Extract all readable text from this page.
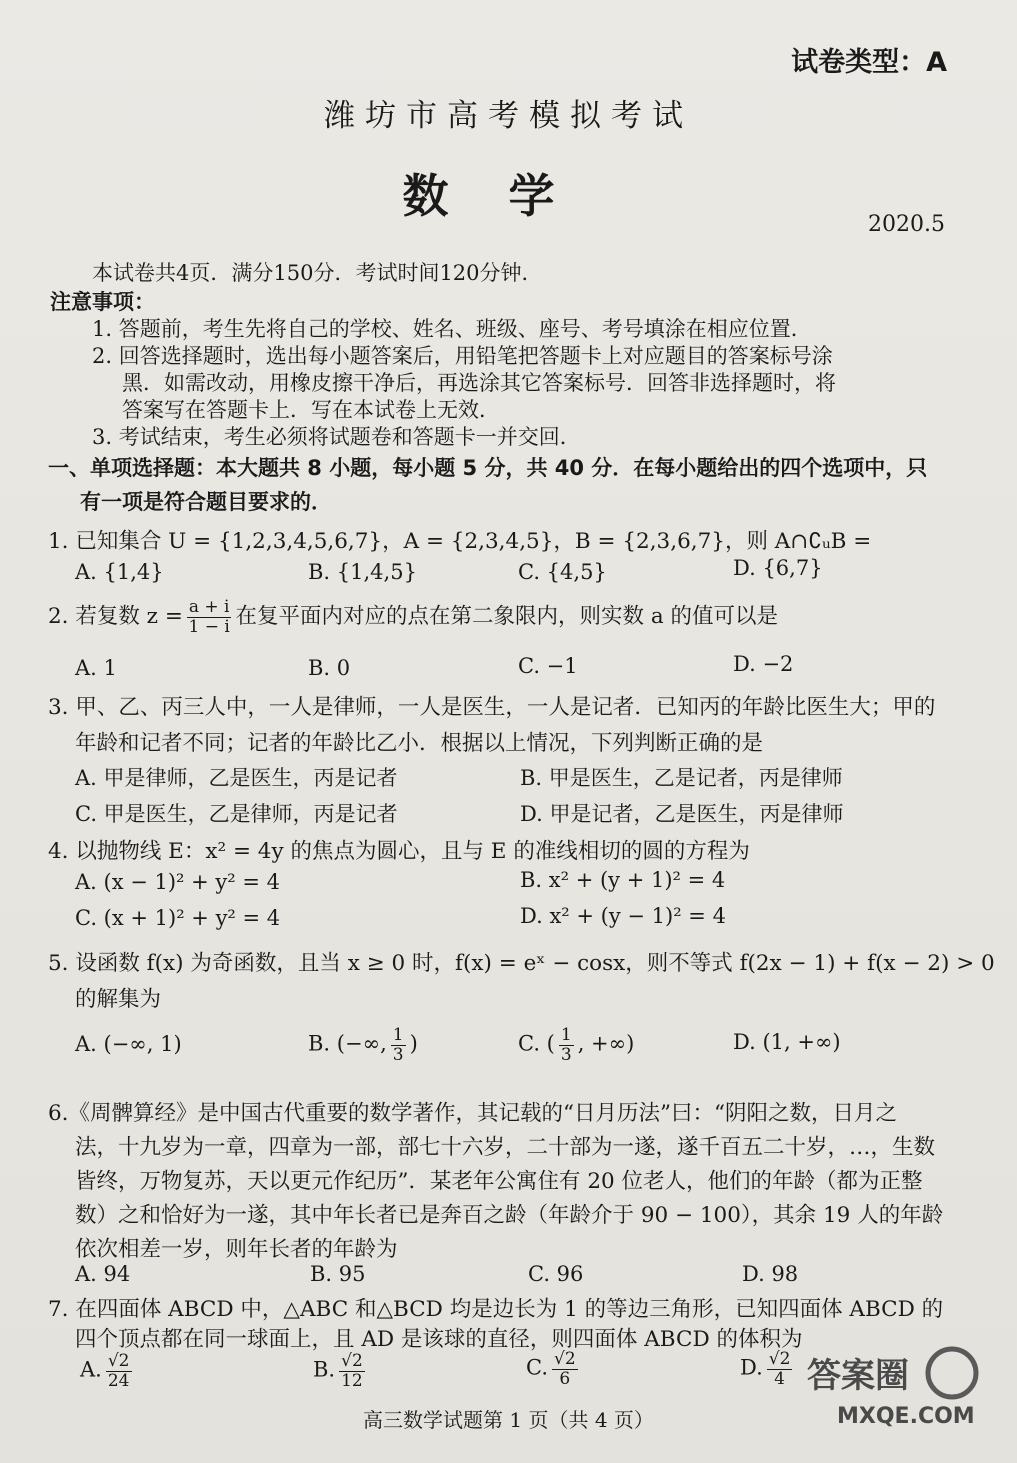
试卷类型：A
潍坊市高考模拟考试
数学
2020.5
本试卷共4页．满分150分．考试时间120分钟．
注意事项：
1. 答题前，考生先将自己的学校、姓名、班级、座号、考号填涂在相应位置．
2. 回答选择题时，选出每小题答案后，用铅笔把答题卡上对应题目的答案标号涂
黑．如需改动，用橡皮擦干净后，再选涂其它答案标号．回答非选择题时，将
答案写在答题卡上．写在本试卷上无效．
3. 考试结束，考生必须将试题卷和答题卡一并交回．
一、单项选择题：本大题共 8 小题，每小题 5 分，共 40 分．在每小题给出的四个选项中，只
有一项是符合题目要求的．
1. 已知集合 U = {1,2,3,4,5,6,7}，A = {2,3,4,5}，B = {2,3,6,7}，则 A∩∁ᵤB =
A. {1,4}	B. {1,4,5}	C. {4,5}	D. {6,7}
2. 若复数 $z = \frac{a + i}{1 - i}$ 在复平面内对应的点在第二象限内，则实数 a 的值可以是
A. 1	B. 0	C. −1	D. −2
3. 甲、乙、丙三人中，一人是律师，一人是医生，一人是记者．已知丙的年龄比医生大；甲的
年龄和记者不同；记者的年龄比乙小．根据以上情况，下列判断正确的是
A. 甲是律师，乙是医生，丙是记者	B. 甲是医生，乙是记者，丙是律师
C. 甲是医生，乙是律师，丙是记者	D. 甲是记者，乙是医生，丙是律师
4. 以抛物线 E：x² = 4y 的焦点为圆心，且与 E 的准线相切的圆的方程为
A. (x − 1)² + y² = 4	B. x² + (y + 1)² = 4
C. (x + 1)² + y² = 4	D. x² + (y − 1)² = 4
5. 设函数 f(x) 为奇函数，且当 x ≥ 0 时，f(x) = eˣ − cosx，则不等式 f(2x − 1) + f(x − 2) > 0
的解集为
A. (−∞, 1)	B. (−∞, $\frac{1}{3}$ )	C. ( $\frac{1}{3}$ , +∞)	D. (1, +∞)
6.《周髀算经》是中国古代重要的数学著作，其记载的“日月历法”曰：“阴阳之数，日月之
法，十九岁为一章，四章为一部，部七十六岁，二十部为一遂，遂千百五二十岁，…，生数
皆终，万物复苏，天以更元作纪历”．某老年公寓住有 20 位老人，他们的年龄（都为正整
数）之和恰好为一遂，其中年长者已是奔百之龄（年龄介于 90 − 100），其余 19 人的年龄
依次相差一岁，则年长者的年龄为
A. 94	B. 95	C. 96	D. 98
7. 在四面体 ABCD 中，△ABC 和△BCD 均是边长为 1 的等边三角形，已知四面体 ABCD 的
四个顶点都在同一球面上，且 AD 是该球的直径，则四面体 ABCD 的体积为
A. $\frac{√2}{24}$	B. $\frac{√2}{12}$	C. $\frac{√2}{6}$	D. $\frac{√2}{4}$
高三数学试题第 1 页（共 4 页）
答案圈
MXQE.COM
